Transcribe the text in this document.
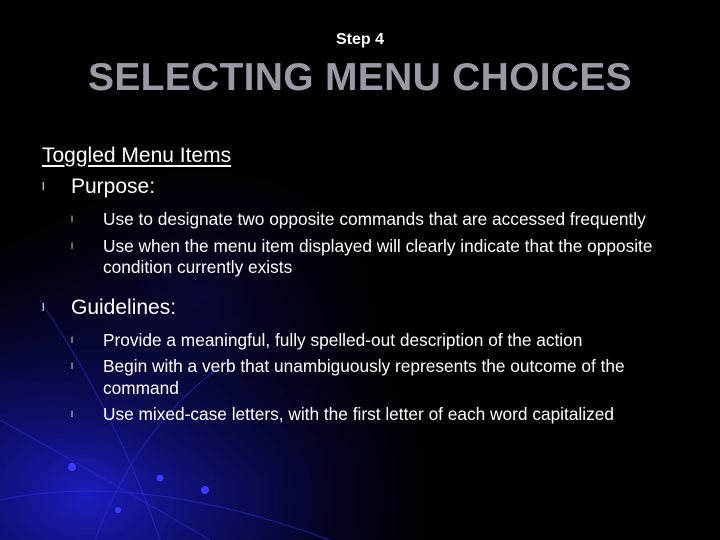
Step 4
SELECTING MENU CHOICES
Toggled Menu Items
l	Purpose:
l	Use to designate two opposite commands that are accessed frequently
l	Use when the menu item displayed will clearly indicate that the opposite condition currently exists
l	Guidelines:
l	Provide a meaningful, fully spelled-out description of the action
l	Begin with a verb that unambiguously represents the outcome of the command
l	Use mixed-case letters, with the first letter of each word capitalized
